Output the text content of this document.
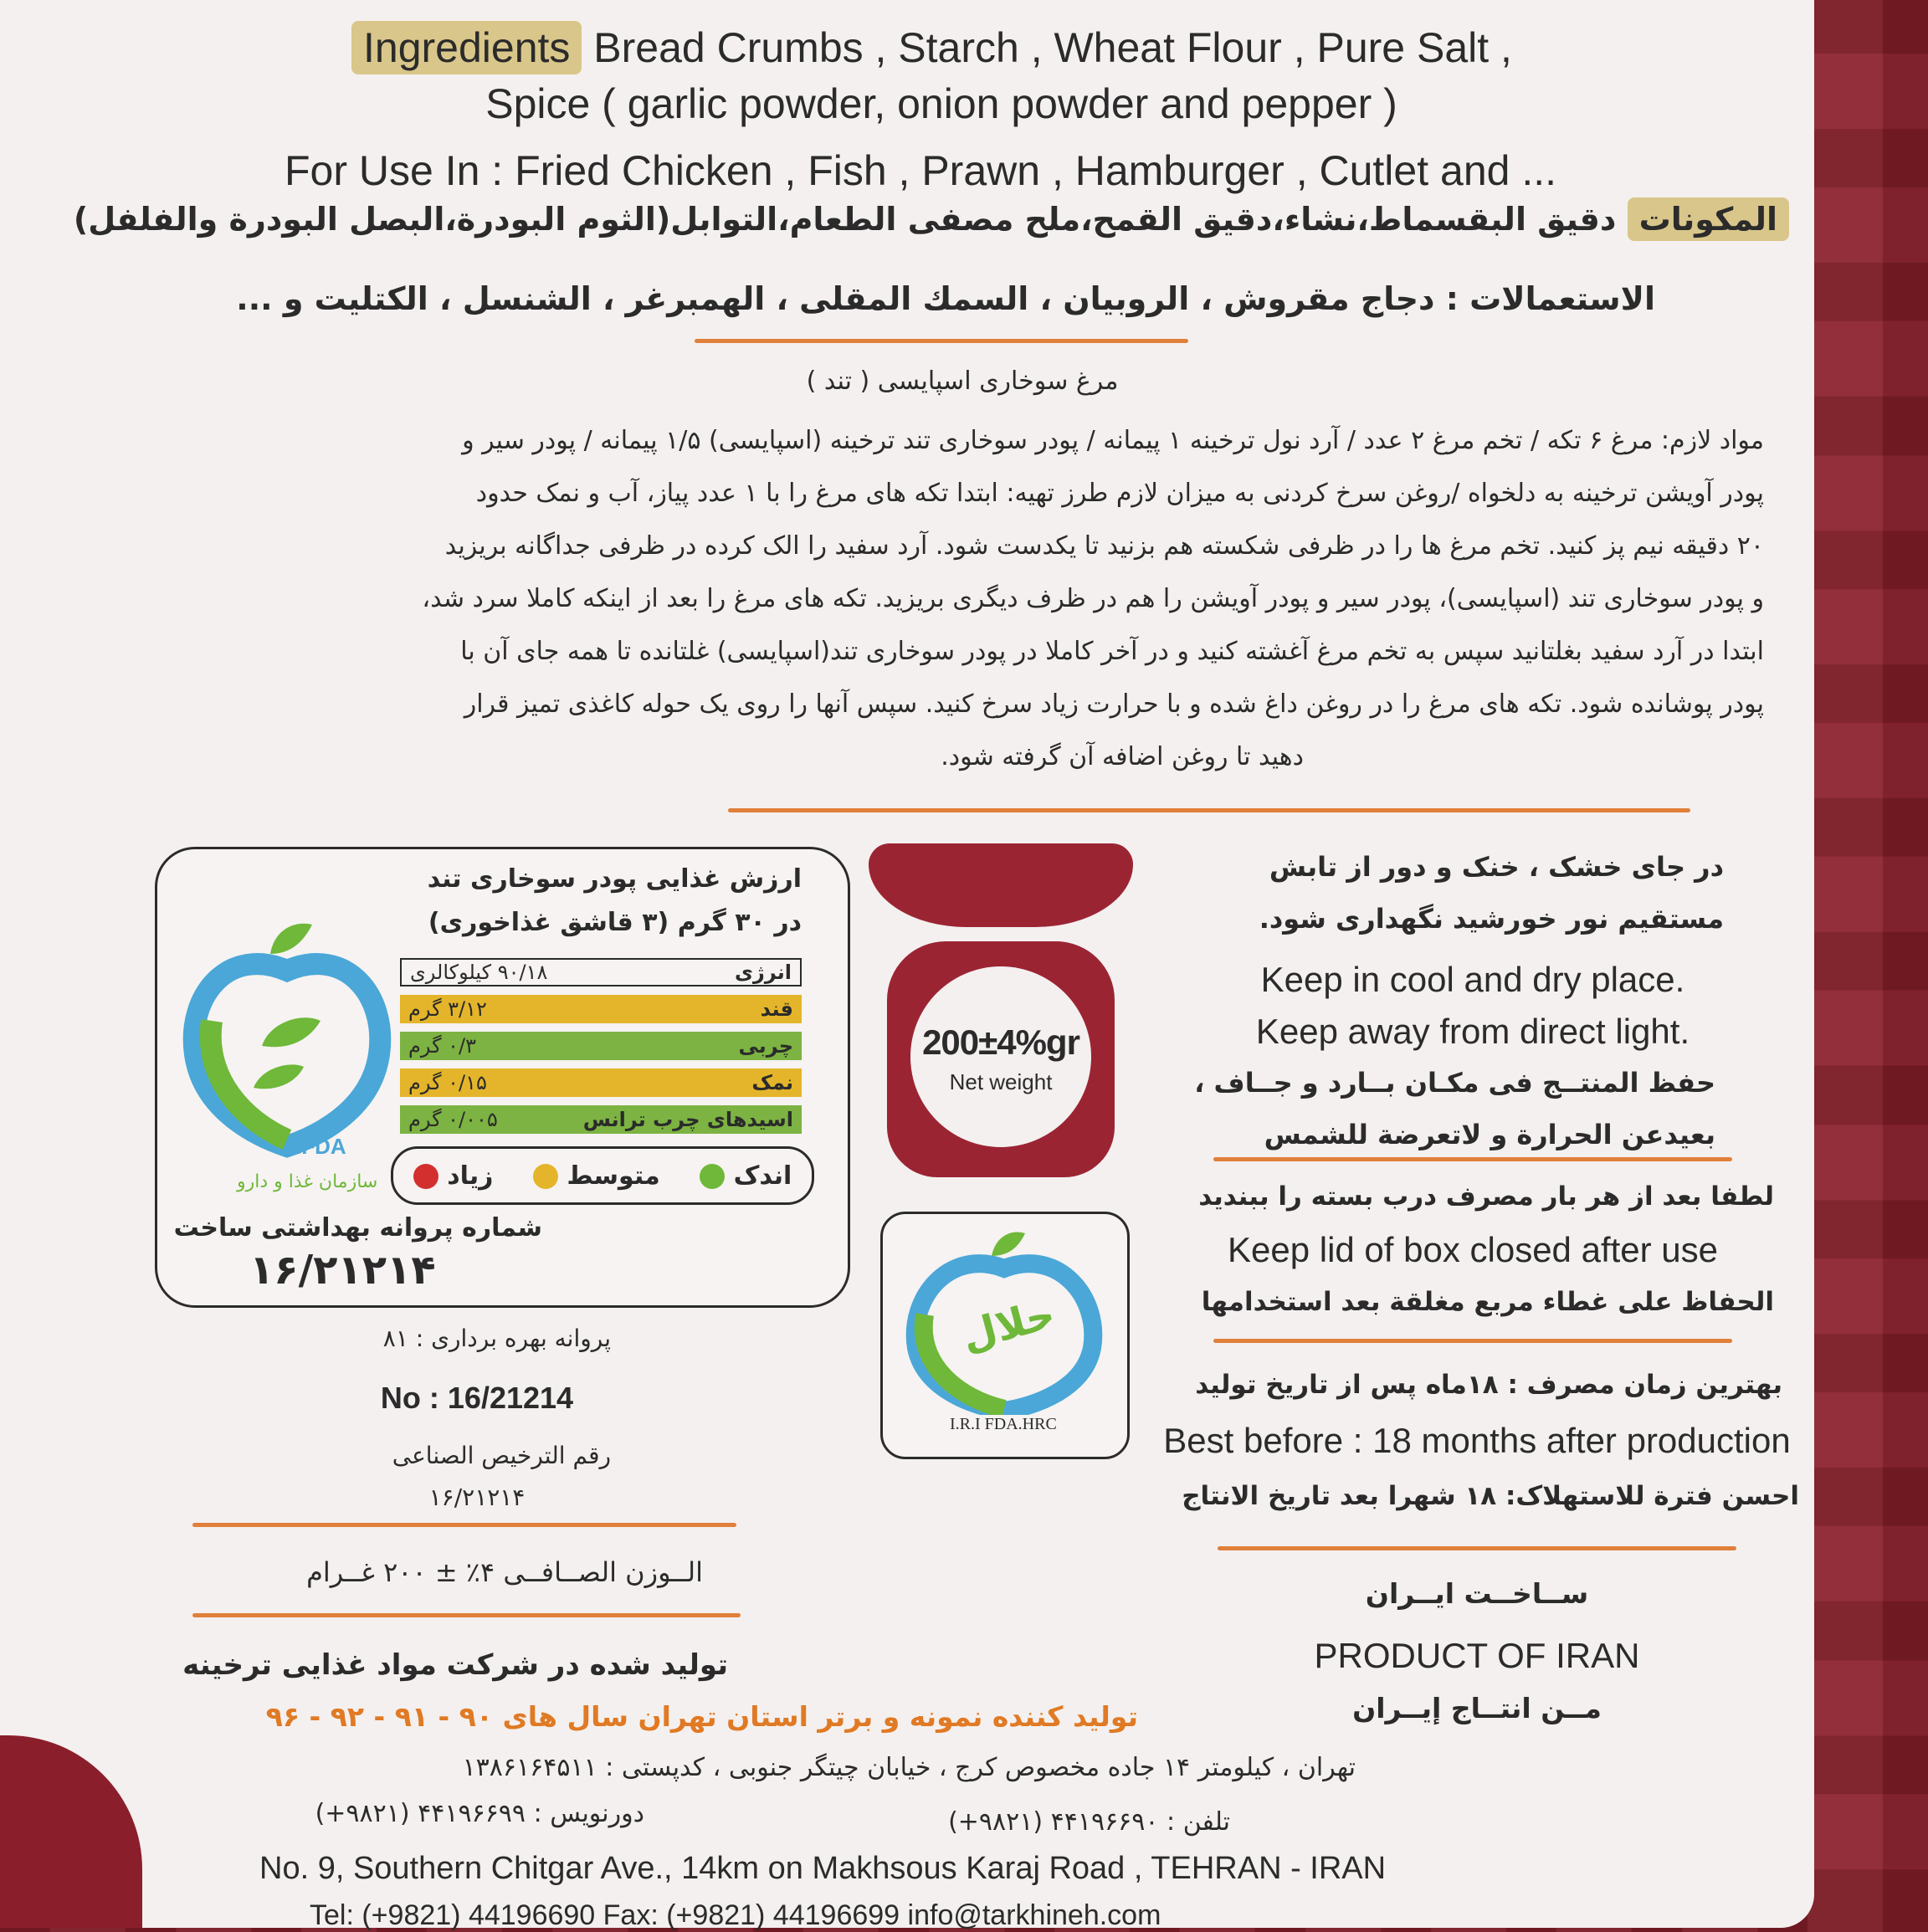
Ingredients Bread Crumbs , Starch , Wheat Flour , Pure Salt ,
Spice ( garlic powder, onion powder and pepper )
For Use In : Fried Chicken , Fish , Prawn , Hamburger , Cutlet and ...
المكونات دقيق البقسماط،نشاء،دقيق القمح،ملح مصفى الطعام،التوابل(الثوم البودرة،البصل البودرة والفلفل)
الاستعمالات : دجاج مقروش ، الروبيان ، السمك المقلى ، الهمبرغر ، الشنسل ، الكتليت و ...
مرغ سوخاری اسپایسی ( تند )
مواد لازم: مرغ ۶ تکه / تخم مرغ ۲ عدد / آرد نول ترخینه ۱ پیمانه / پودر سوخاری تند ترخینه (اسپایسی) ۱/۵ پیمانه / پودر سیر و
پودر آویشن ترخینه به دلخواه /روغن سرخ کردنی به میزان لازم طرز تهیه: ابتدا تکه های مرغ را با ۱ عدد پیاز، آب و نمک حدود
۲۰ دقیقه نیم پز کنید. تخم مرغ ها را در ظرفی شکسته هم بزنید تا یکدست شود. آرد سفید را الک کرده در ظرفی جداگانه بریزید
و پودر سوخاری تند (اسپایسی)، پودر سیر و پودر آویشن را هم در ظرف دیگری بریزید. تکه های مرغ را بعد از اینکه کاملا سرد شد،
ابتدا در آرد سفید بغلتانید سپس به تخم مرغ آغشته کنید و در آخر کاملا در پودر سوخاری تند(اسپایسی) غلتانده تا همه جای آن با
پودر پوشانده شود. تکه های مرغ را در روغن داغ شده و با حرارت زیاد سرخ کنید. سپس آنها را روی یک حوله کاغذی تمیز قرار
دهید تا روغن اضافه آن گرفته شود.
ارزش غذایی پودر سوخاری تند
در ۳۰ گرم (۳ قاشق غذاخوری)
انرژی
۹۰/۱۸ کیلوکالری
قند
۳/۱۲ گرم
چربی
۰/۳ گرم
نمک
۰/۱۵ گرم
اسیدهای چرب ترانس
۰/۰۰۵ گرم
اندک
متوسط
زیاد
IFDA
سازمان غذا و دارو
شماره پروانه بهداشتی ساخت
۱۶/۲۱۲۱۴
پروانه بهره برداری : ۸۱
No : 16/21214
رقم الترخيص الصناعی
۱۶/۲۱۲۱۴
الــوزن الصــافــی ۴٪ ± ۲۰۰ غــرام
200±4%gr
Net weight
حلال
I.R.I FDA.HRC
در جای خشک ، خنک و دور از تابش
مستقیم نور خورشید نگهداری شود.
Keep in cool and dry place.
Keep away from direct light.
حفظ المنتــج فی مکـان بــارد و جــاف ،
بعيدعن الحرارة و لاتعرضة للشمس
لطفا بعد از هر بار مصرف درب بسته را ببندید
Keep lid of box closed after use
الحفاظ علی غطاء مربع مغلقة بعد استخدامها
بهترین زمان مصرف : ۱۸ماه پس از تاریخ تولید
Best before : 18 months after production
احسن فترة للاستهلاک: ۱۸ شهرا بعد تاريخ الانتاج
ســاخــت ایــران
PRODUCT OF IRAN
مــن انتــاج إيــران
تولید شده در شرکت مواد غذایی ترخینه
تولید کننده نمونه و برتر استان تهران سال های ۹۰ - ۹۱ - ۹۲ - ۹۶
تهران ، کیلومتر ۱۴ جاده مخصوص کرج ، خیابان چیتگر جنوبی ، کدپستی : ۱۳۸۶۱۶۴۵۱۱
تلفن : ۴۴۱۹۶۶۹۰ (۹۸۲۱+)
دورنویس : ۴۴۱۹۶۶۹۹ (۹۸۲۱+)
No. 9, Southern Chitgar Ave., 14km on Makhsous Karaj Road , TEHRAN - IRAN
Tel: (+9821) 44196690 Fax: (+9821) 44196699 info@tarkhineh.com
